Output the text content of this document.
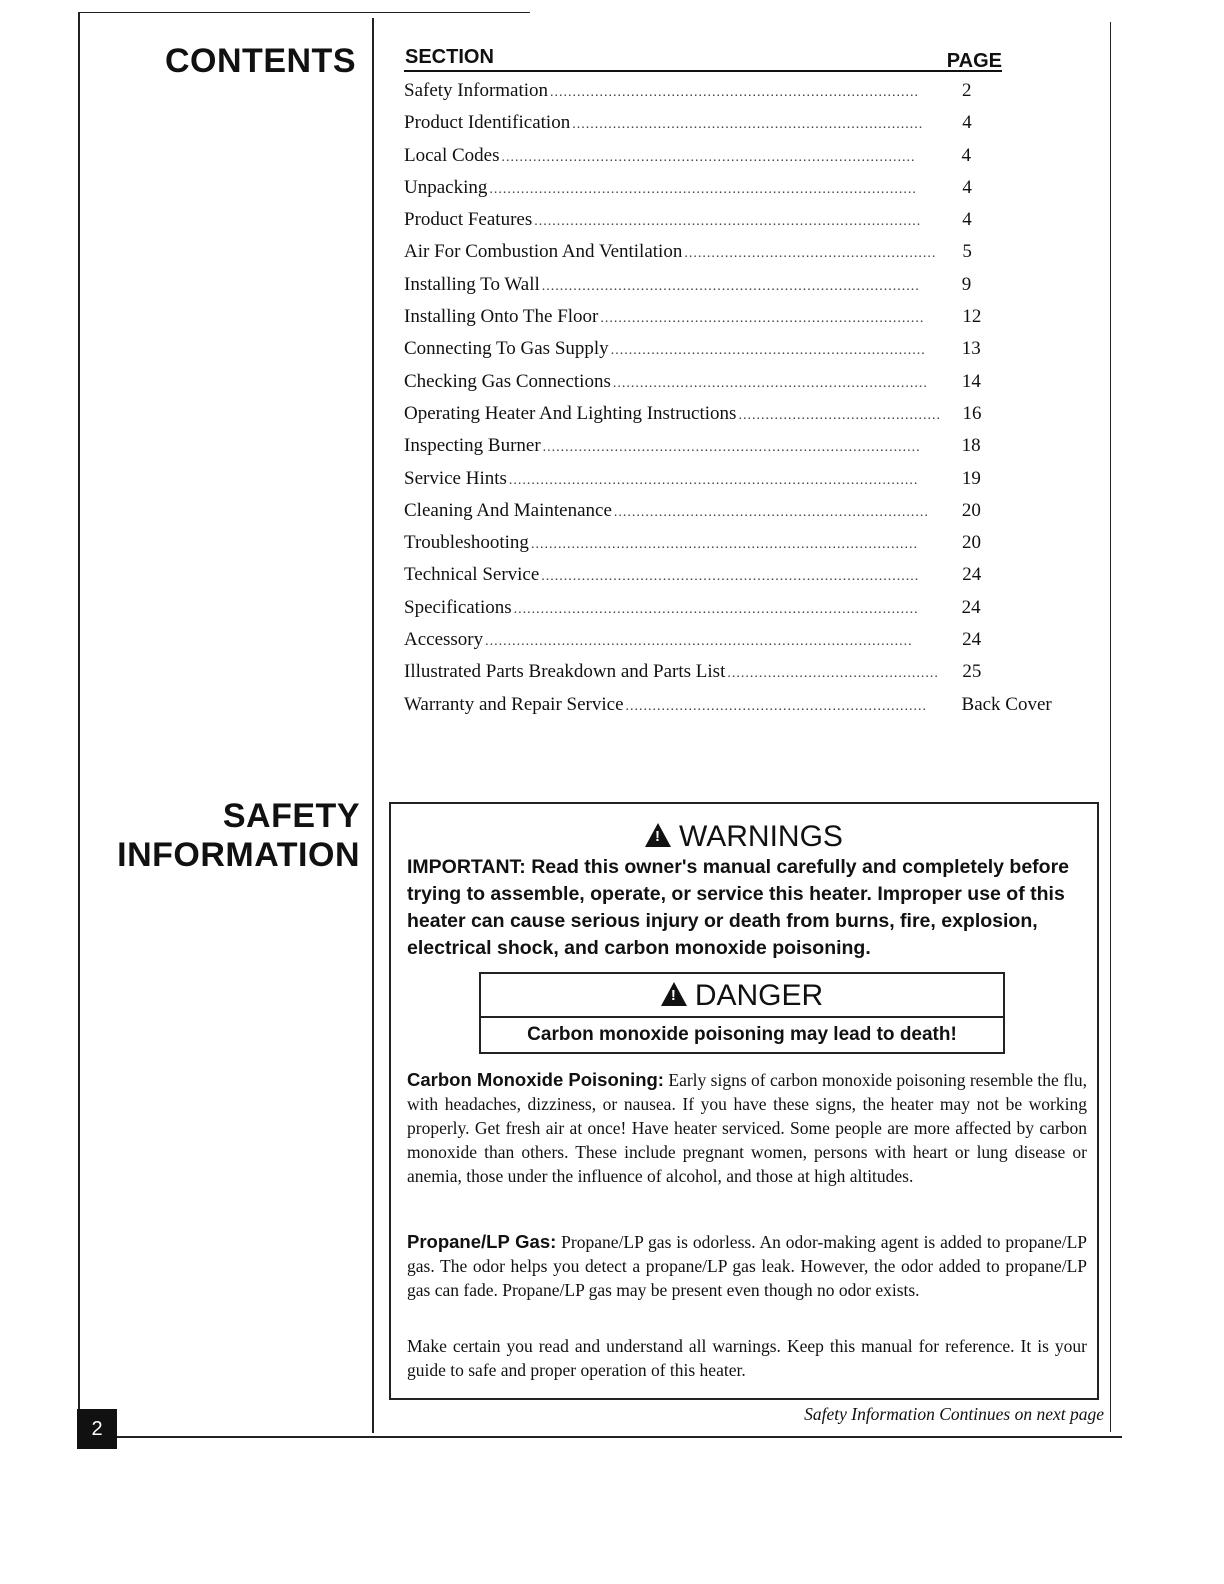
CONTENTS
SAFETY
INFORMATION
SECTION	PAGE
Safety Information ..................................................................................	2
Product Identification ..............................................................................	4
Local Codes ............................................................................................	4
Unpacking ...............................................................................................	4
Product Features ......................................................................................	4
Air For Combustion And Ventilation ........................................................	5
Installing To Wall ....................................................................................	9
Installing Onto The Floor ........................................................................	12
Connecting To Gas Supply ......................................................................	13
Checking Gas Connections ......................................................................	14
Operating Heater And Lighting Instructions .............................................	16
Inspecting Burner ....................................................................................	18
Service Hints ...........................................................................................	19
Cleaning And Maintenance ......................................................................	20
Troubleshooting ......................................................................................	20
Technical Service ....................................................................................	24
Specifications ..........................................................................................	24
Accessory ...............................................................................................	24
Illustrated Parts Breakdown and Parts List ...............................................	25
Warranty and Repair Service ...................................................................	Back Cover
!WARNINGS

IMPORTANT: Read this owner's manual carefully and completely before trying to assemble, operate, or service this heater. Improper use of this heater can cause serious injury or death from burns, fire, explosion, electrical shock, and carbon monoxide poisoning.

!DANGER
Carbon monoxide poisoning may lead to death!

Carbon Monoxide Poisoning: Early signs of carbon monoxide poisoning resemble the flu, with headaches, dizziness, or nausea. If you have these signs, the heater may not be working properly. Get fresh air at once! Have heater serviced. Some people are more affected by carbon monoxide than others. These include pregnant women, persons with heart or lung disease or anemia, those under the influence of alcohol, and those at high altitudes.

Propane/LP Gas: Propane/LP gas is odorless. An odor-making agent is added to propane/LP gas. The odor helps you detect a propane/LP gas leak. However, the odor added to propane/LP gas can fade. Propane/LP gas may be present even though no odor exists.

Make certain you read and understand all warnings. Keep this manual for reference. It is your guide to safe and proper operation of this heater.

Safety Information Continues on next page
2
